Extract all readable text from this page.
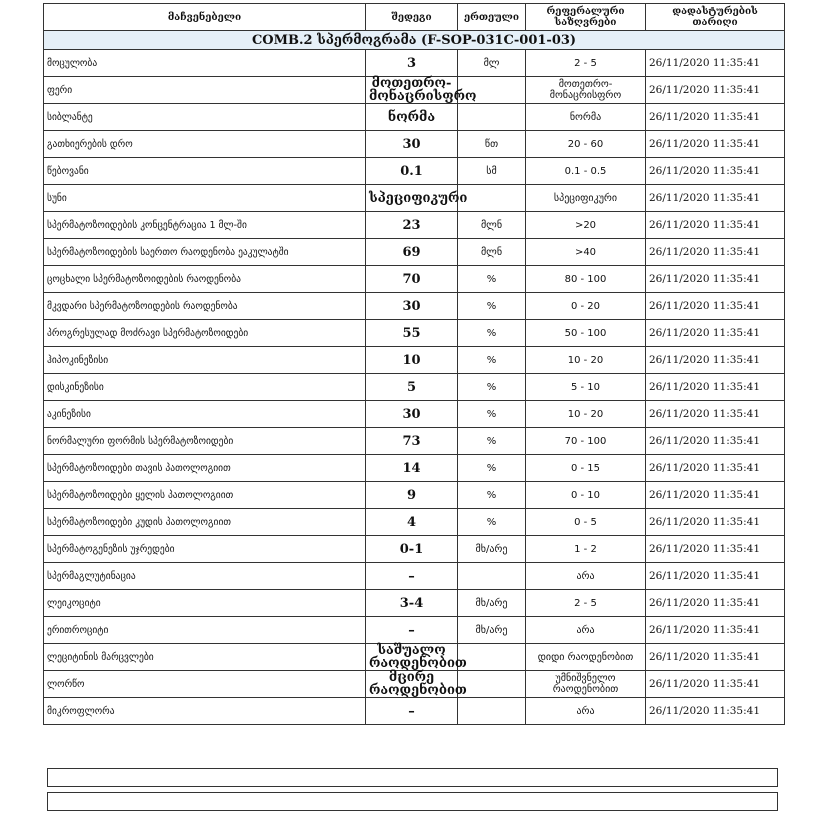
მაჩვენებელი	შედეგი	ერთეული	რეფერალური საზღვრები	დადასტურების თარიღი
COMB.2 სპერმოგრამა (F-SOP-031C-001-03)				
მოცულობა	3	მლ	2 - 5	26/11/2020 11:35:41
ფერი	მოთეთრო-მონაცრისფრო		მოთეთრო-მონაცრისფრო	26/11/2020 11:35:41
სიბლანტე	ნორმა		ნორმა	26/11/2020 11:35:41
გათხიერების დრო	30	წთ	20 - 60	26/11/2020 11:35:41
წებოვანი	0.1	სმ	0.1 - 0.5	26/11/2020 11:35:41
სუნი	სპეციფიკური		სპეციფიკური	26/11/2020 11:35:41
სპერმატოზოიდების კონცენტრაცია 1 მლ-ში	23	მლნ	>20	26/11/2020 11:35:41
სპერმატოზოიდების საერთო რაოდენობა ეაკულატში	69	მლნ	>40	26/11/2020 11:35:41
ცოცხალი სპერმატოზოიდების რაოდენობა	70	%	80 - 100	26/11/2020 11:35:41
მკვდარი სპერმატოზოიდების რაოდენობა	30	%	0 - 20	26/11/2020 11:35:41
პროგრესულად მოძრავი სპერმატოზოიდები	55	%	50 - 100	26/11/2020 11:35:41
ჰიპოკინეზისი	10	%	10 - 20	26/11/2020 11:35:41
დისკინეზისი	5	%	5 - 10	26/11/2020 11:35:41
აკინეზისი	30	%	10 - 20	26/11/2020 11:35:41
ნორმალური ფორმის სპერმატოზოიდები	73	%	70 - 100	26/11/2020 11:35:41
სპერმატოზოიდები თავის პათოლოგიით	14	%	0 - 15	26/11/2020 11:35:41
სპერმატოზოიდები ყელის პათოლოგიით	9	%	0 - 10	26/11/2020 11:35:41
სპერმატოზოიდები კუდის პათოლოგიით	4	%	0 - 5	26/11/2020 11:35:41
სპერმატოგენეზის უჯრედები	0-1	მხ/არე	1 - 2	26/11/2020 11:35:41
სპერმაგლუტინაცია	–		არა	26/11/2020 11:35:41
ლეიკოციტი	3-4	მხ/არე	2 - 5	26/11/2020 11:35:41
ერითროციტი	–	მხ/არე	არა	26/11/2020 11:35:41
ლეციტინის მარცვლები	საშუალო რაოდენობით		დიდი რაოდენობით	26/11/2020 11:35:41
ლორწო	მცირე რაოდენობით		უმნიშვნელო რაოდენობით	26/11/2020 11:35:41
მიკროფლორა	–		არა	26/11/2020 11:35:41
